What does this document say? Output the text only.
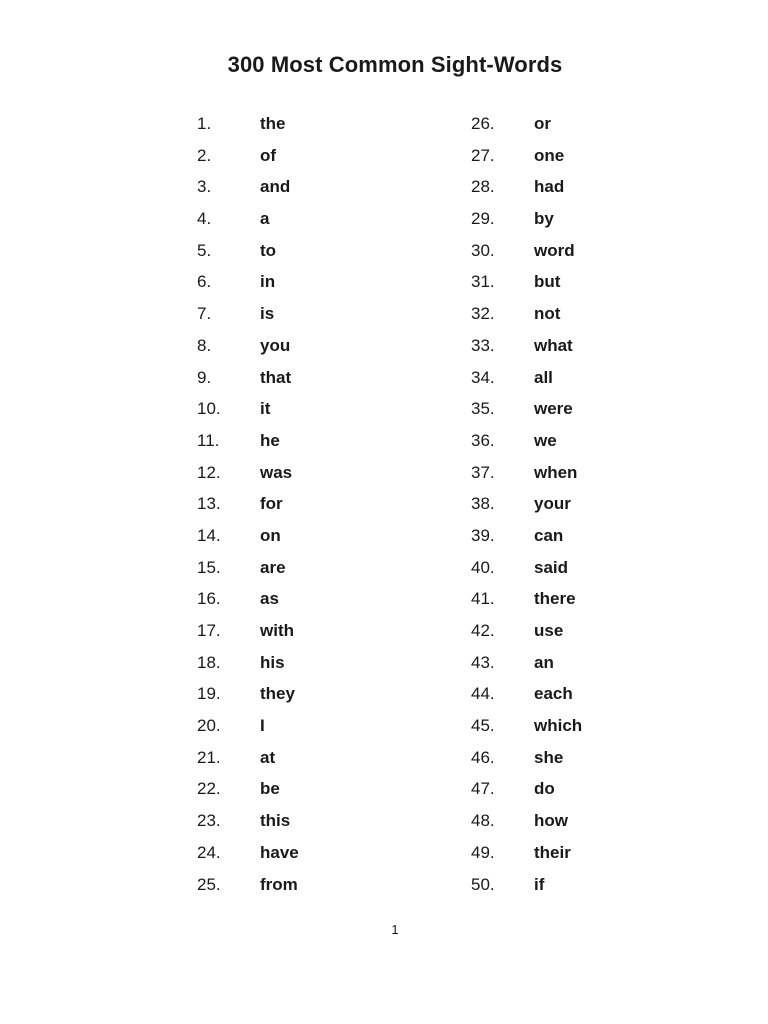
300 Most Common Sight-Words
1.	the
2.	of
3.	and
4.	a
5.	to
6.	in
7.	is
8.	you
9.	that
10. it
11. he
12. was
13. for
14. on
15. are
16. as
17. with
18. his
19. they
20. I
21. at
22. be
23. this
24. have
25. from
26. or
27. one
28. had
29. by
30. word
31. but
32. not
33. what
34. all
35. were
36. we
37. when
38. your
39. can
40. said
41. there
42. use
43. an
44. each
45. which
46. she
47. do
48. how
49. their
50. if
1
